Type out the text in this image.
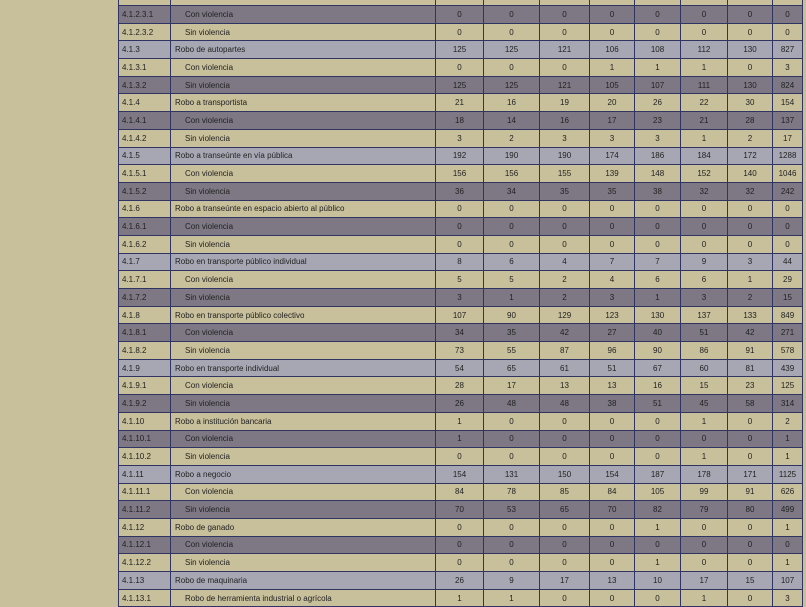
4.1.2.3.1	Con violencia	0	0	0	0	0	0	0	0
4.1.2.3.2	Sin violencia	0	0	0	0	0	0	0	0
4.1.3	Robo de autopartes	125	125	121	106	108	112	130	827
4.1.3.1	Con violencia	0	0	0	1	1	1	0	3
4.1.3.2	Sin violencia	125	125	121	105	107	111	130	824
4.1.4	Robo a transportista	21	16	19	20	26	22	30	154
4.1.4.1	Con violencia	18	14	16	17	23	21	28	137
4.1.4.2	Sin violencia	3	2	3	3	3	1	2	17
4.1.5	Robo a transeúnte en vía pública	192	190	190	174	186	184	172	1288
4.1.5.1	Con violencia	156	156	155	139	148	152	140	1046
4.1.5.2	Sin violencia	36	34	35	35	38	32	32	242
4.1.6	Robo a transeúnte en espacio abierto al público	0	0	0	0	0	0	0	0
4.1.6.1	Con violencia	0	0	0	0	0	0	0	0
4.1.6.2	Sin violencia	0	0	0	0	0	0	0	0
4.1.7	Robo en transporte público individual	8	6	4	7	7	9	3	44
4.1.7.1	Con violencia	5	5	2	4	6	6	1	29
4.1.7.2	Sin violencia	3	1	2	3	1	3	2	15
4.1.8	Robo en transporte público colectivo	107	90	129	123	130	137	133	849
4.1.8.1	Con violencia	34	35	42	27	40	51	42	271
4.1.8.2	Sin violencia	73	55	87	96	90	86	91	578
4.1.9	Robo en transporte individual	54	65	61	51	67	60	81	439
4.1.9.1	Con violencia	28	17	13	13	16	15	23	125
4.1.9.2	Sin violencia	26	48	48	38	51	45	58	314
4.1.10	Robo a institución bancaria	1	0	0	0	0	1	0	2
4.1.10.1	Con violencia	1	0	0	0	0	0	0	1
4.1.10.2	Sin violencia	0	0	0	0	0	1	0	1
4.1.11	Robo a negocio	154	131	150	154	187	178	171	1125
4.1.11.1	Con violencia	84	78	85	84	105	99	91	626
4.1.11.2	Sin violencia	70	53	65	70	82	79	80	499
4.1.12	Robo de ganado	0	0	0	0	1	0	0	1
4.1.12.1	Con violencia	0	0	0	0	0	0	0	0
4.1.12.2	Sin violencia	0	0	0	0	1	0	0	1
4.1.13	Robo de maquinaria	26	9	17	13	10	17	15	107
4.1.13.1	Robo de herramienta industrial o agrícola	1	1	0	0	0	1	0	3
